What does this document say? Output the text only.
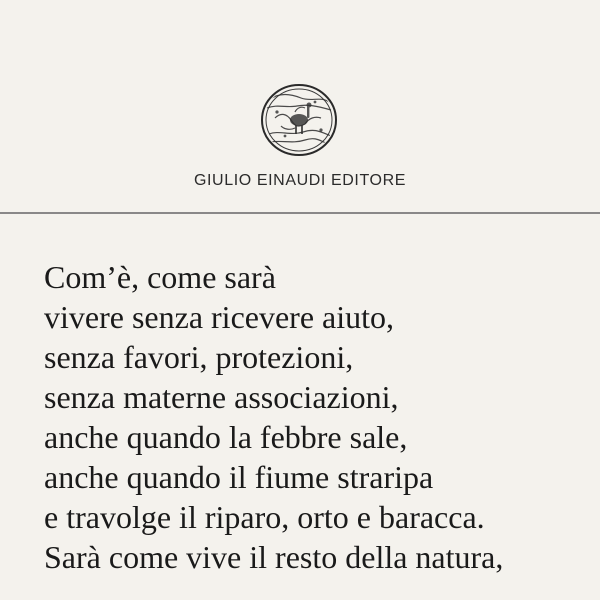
GIULIO EINAUDI EDITORE
Com’è, come sarà
vivere senza ricevere aiuto,
senza favori, protezioni,
senza materne associazioni,
anche quando la febbre sale,
anche quando il fiume straripa
e travolge il riparo, orto e baracca.
Sarà come vive il resto della natura,
